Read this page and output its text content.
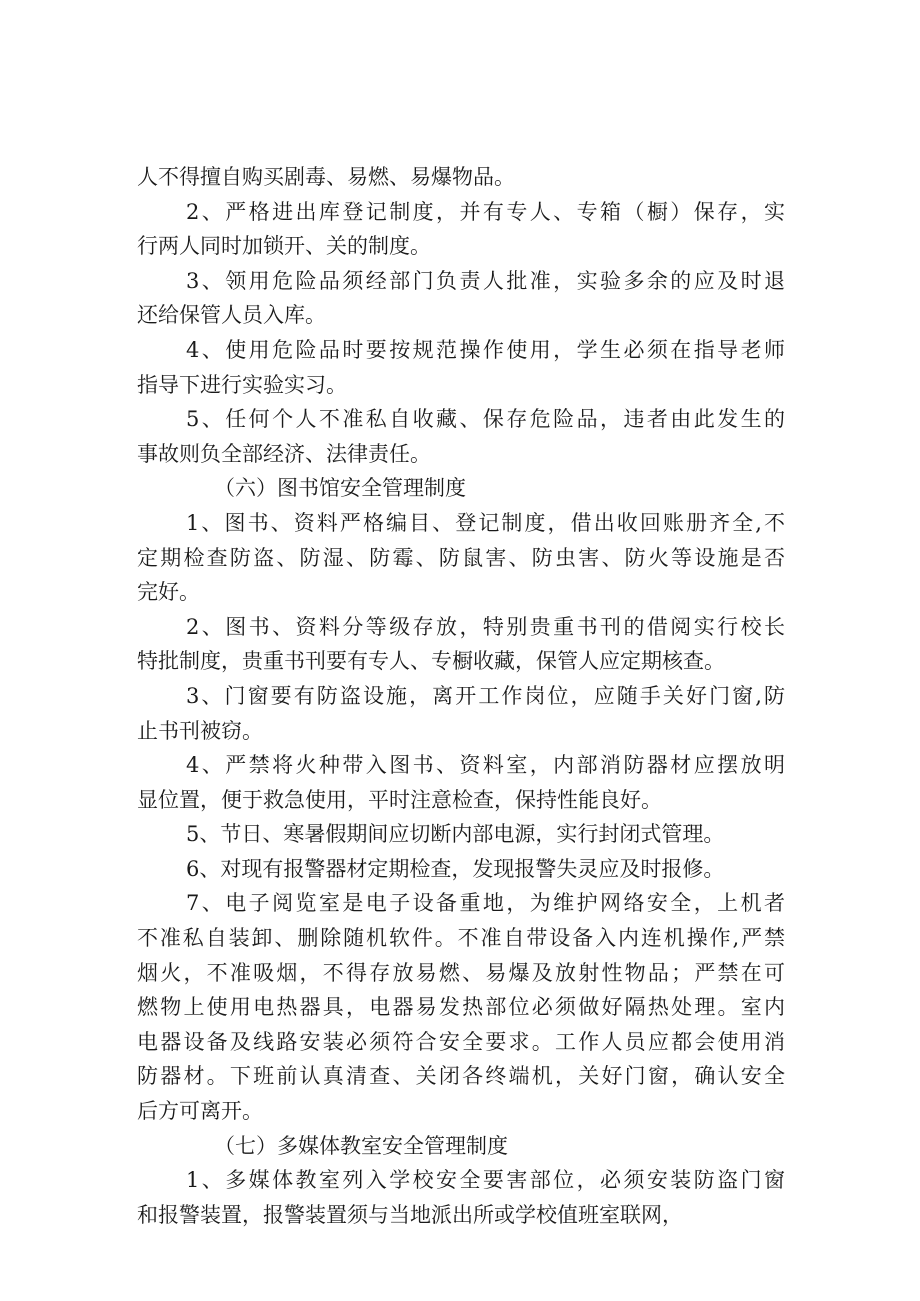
人不得擅自购买剧毒、易燃、易爆物品。
2、严格进出库登记制度，并有专人、专箱（橱）保存，实
行两人同时加锁开、关的制度。
3、领用危险品须经部门负责人批准，实验多余的应及时退
还给保管人员入库。
4、使用危险品时要按规范操作使用，学生必须在指导老师
指导下进行实验实习。
5、任何个人不准私自收藏、保存危险品，违者由此发生的
事故则负全部经济、法律责任。
（六）图书馆安全管理制度
1、图书、资料严格编目、登记制度，借出收回账册齐全,不
定期检查防盗、防湿、防霉、防鼠害、防虫害、防火等设施是否
完好。
2、图书、资料分等级存放，特别贵重书刊的借阅实行校长
特批制度，贵重书刊要有专人、专橱收藏，保管人应定期核查。
3、门窗要有防盗设施，离开工作岗位，应随手关好门窗,防
止书刊被窃。
4、严禁将火种带入图书、资料室，内部消防器材应摆放明
显位置，便于救急使用，平时注意检查，保持性能良好。
5、节日、寒暑假期间应切断内部电源，实行封闭式管理。
6、对现有报警器材定期检查，发现报警失灵应及时报修。
7、电子阅览室是电子设备重地，为维护网络安全，上机者
不准私自装卸、删除随机软件。不准自带设备入内连机操作,严禁
烟火，不准吸烟，不得存放易燃、易爆及放射性物品；严禁在可
燃物上使用电热器具，电器易发热部位必须做好隔热处理。室内
电器设备及线路安装必须符合安全要求。工作人员应都会使用消
防器材。下班前认真清查、关闭各终端机，关好门窗，确认安全
后方可离开。
（七）多媒体教室安全管理制度
1、多媒体教室列入学校安全要害部位，必须安装防盗门窗
和报警装置，报警装置须与当地派出所或学校值班室联网，
